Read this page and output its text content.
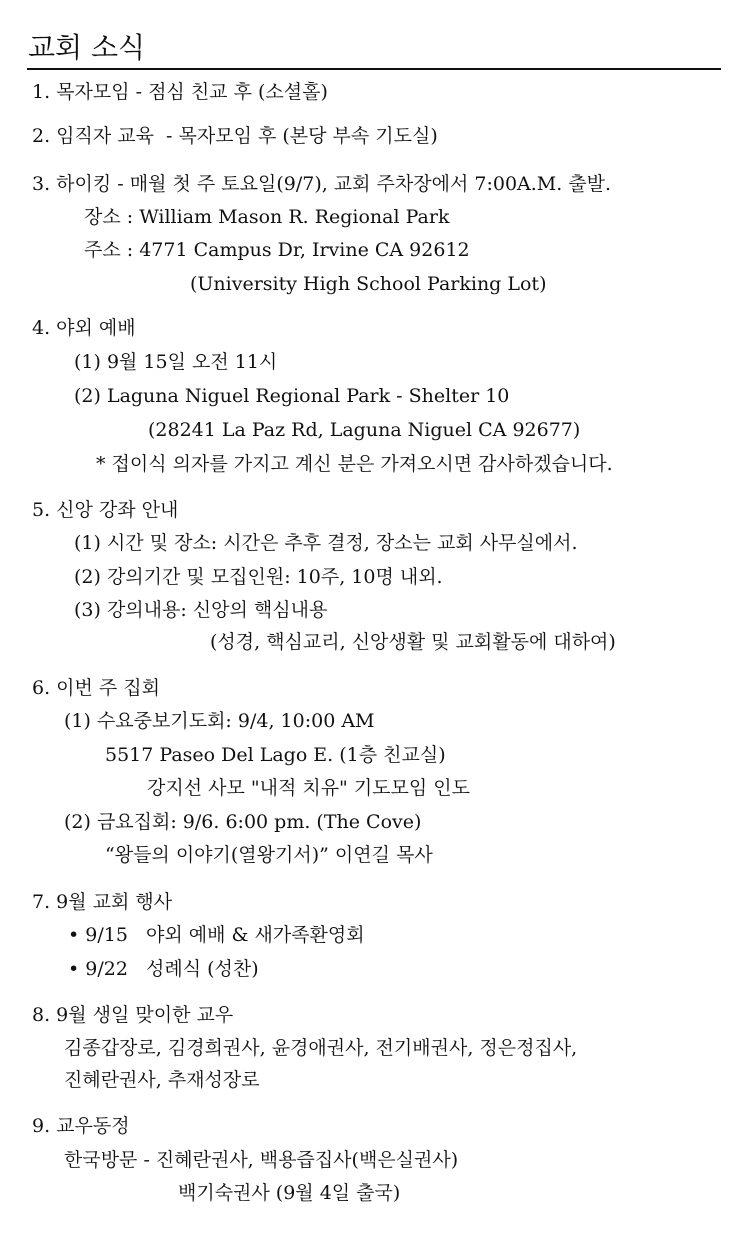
교회 소식
1. 목자모임 - 점심 친교 후 (소셜홀)
2. 임직자 교육  - 목자모임 후 (본당 부속 기도실)
3. 하이킹 - 매월 첫 주 토요일(9/7), 교회 주차장에서 7:00A.M. 출발.
장소 : William Mason R. Regional Park
주소 : 4771 Campus Dr, Irvine CA 92612
(University High School Parking Lot)
4. 야외 예배
(1) 9월 15일 오전 11시
(2) Laguna Niguel Regional Park - Shelter 10
(28241 La Paz Rd, Laguna Niguel CA 92677)
* 접이식 의자를 가지고 계신 분은 가져오시면 감사하겠습니다.
5. 신앙 강좌 안내
(1) 시간 및 장소: 시간은 추후 결정, 장소는 교회 사무실에서.
(2) 강의기간 및 모집인원: 10주, 10명 내외.
(3) 강의내용: 신앙의 핵심내용
(성경, 핵심교리, 신앙생활 및 교회활동에 대하여)
6. 이번 주 집회
(1) 수요중보기도회: 9/4, 10:00 AM
5517 Paseo Del Lago E. (1층 친교실)
강지선 사모 "내적 치유" 기도모임 인도
(2) 금요집회: 9/6. 6:00 pm. (The Cove)
“왕들의 이야기(열왕기서)” 이연길 목사
7. 9월 교회 행사
• 9/15   야외 예배 & 새가족환영회
• 9/22   성례식 (성찬)
8. 9월 생일 맞이한 교우
김종갑장로, 김경희권사, 윤경애권사, 전기배권사, 정은정집사,
진혜란권사, 추재성장로
9. 교우동정
한국방문 - 진혜란권사, 백용즙집사(백은실권사)
백기숙권사 (9월 4일 출국)
